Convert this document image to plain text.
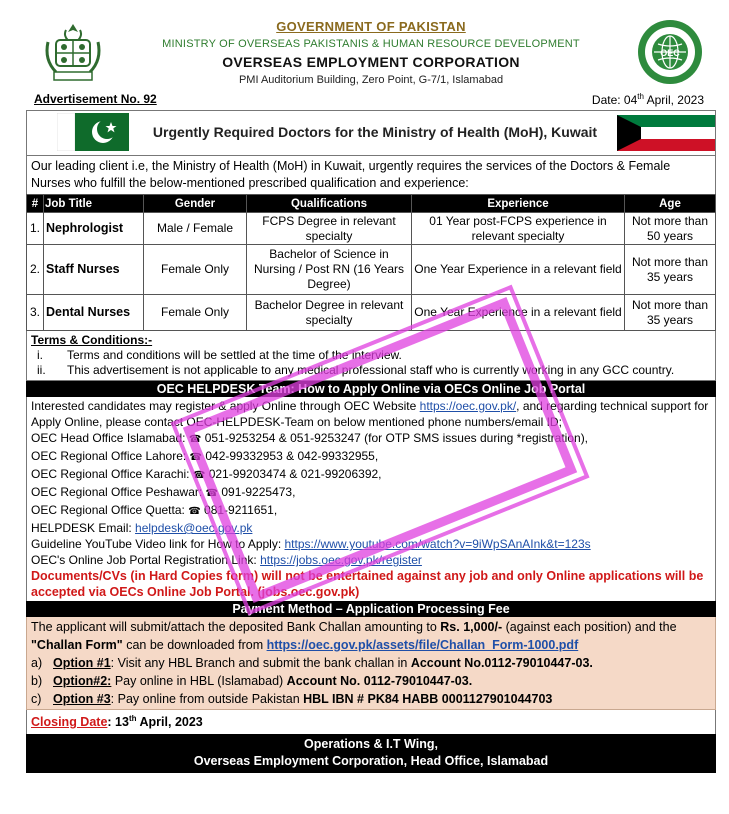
GOVERNMENT OF PAKISTAN
MINISTRY OF OVERSEAS PAKISTANIS & HUMAN RESOURCE DEVELOPMENT
OVERSEAS EMPLOYMENT CORPORATION
PMI Auditorium Building, Zero Point, G-7/1, Islamabad
OEC
Advertisement No. 92	Date: 04th April, 2023
Urgently Required Doctors for the Ministry of Health (MoH), Kuwait
Our leading client i.e, the Ministry of Health (MoH) in Kuwait, urgently requires the services of the Doctors & Female Nurses who fulfill the below-mentioned prescribed qualification and experience:
#	Job Title	Gender	Qualifications	Experience	Age
1.	Nephrologist	Male / Female	FCPS Degree in relevant specialty	01 Year post-FCPS experience in relevant specialty	Not more than 50 years
2.	Staff Nurses	Female Only	Bachelor of Science in Nursing / Post RN (16 Years Degree)	One Year Experience in a relevant field	Not more than 35 years
3.	Dental Nurses	Female Only	Bachelor Degree in relevant specialty	One Year Experience in a relevant field	Not more than 35 years
Terms & Conditions:-
i. Terms and conditions will be settled at the time of the interview.
ii. This advertisement is not applicable to any medical professional staff who is currently working in any GCC country.
OEC HELPDESK Team: How to Apply Online via OECs Online Job Portal
Interested candidates may register & apply Online through OEC Website https://oec.gov.pk/, and regarding technical support for Apply Online, please contact OEC-HELPDESK-Team on below mentioned phone numbers/email ID;
OEC Head Office Islamabad: ☎ 051-9253254 & 051-9253247 (for OTP SMS issues during *registration),
OEC Regional Office Lahore: ☎ 042-99332953 & 042-99332955,
OEC Regional Office Karachi: ☎ 021-99203474 & 021-99206392,
OEC Regional Office Peshawar: ☎ 091-9225473,
OEC Regional Office Quetta: ☎ 081-9211651,
HELPDESK Email: helpdesk@oec.gov.pk
Guideline YouTube Video link for How to Apply: https://www.youtube.com/watch?v=9iWpSAnAInk&t=123s
OEC's Online Job Portal Registration Link: https://jobs.oec.gov.pk/register
Documents/CVs (in Hard Copies form) will not be entertained against any job and only Online applications will be accepted via OECs Online Job Portal. (jobs.oec.gov.pk)
Payment Method – Application Processing Fee
The applicant will submit/attach the deposited Bank Challan amounting to Rs. 1,000/- (against each position) and the "Challan Form" can be downloaded from https://oec.gov.pk/assets/file/Challan_Form-1000.pdf
a) Option #1: Visit any HBL Branch and submit the bank challan in Account No.0112-79010447-03.
b) Option#2: Pay online in HBL (Islamabad) Account No. 0112-79010447-03.
c) Option #3: Pay online from outside Pakistan HBL IBN # PK84 HABB 0001127901044703
Closing Date: 13th April, 2023
Operations & I.T Wing,
Overseas Employment Corporation, Head Office, Islamabad
